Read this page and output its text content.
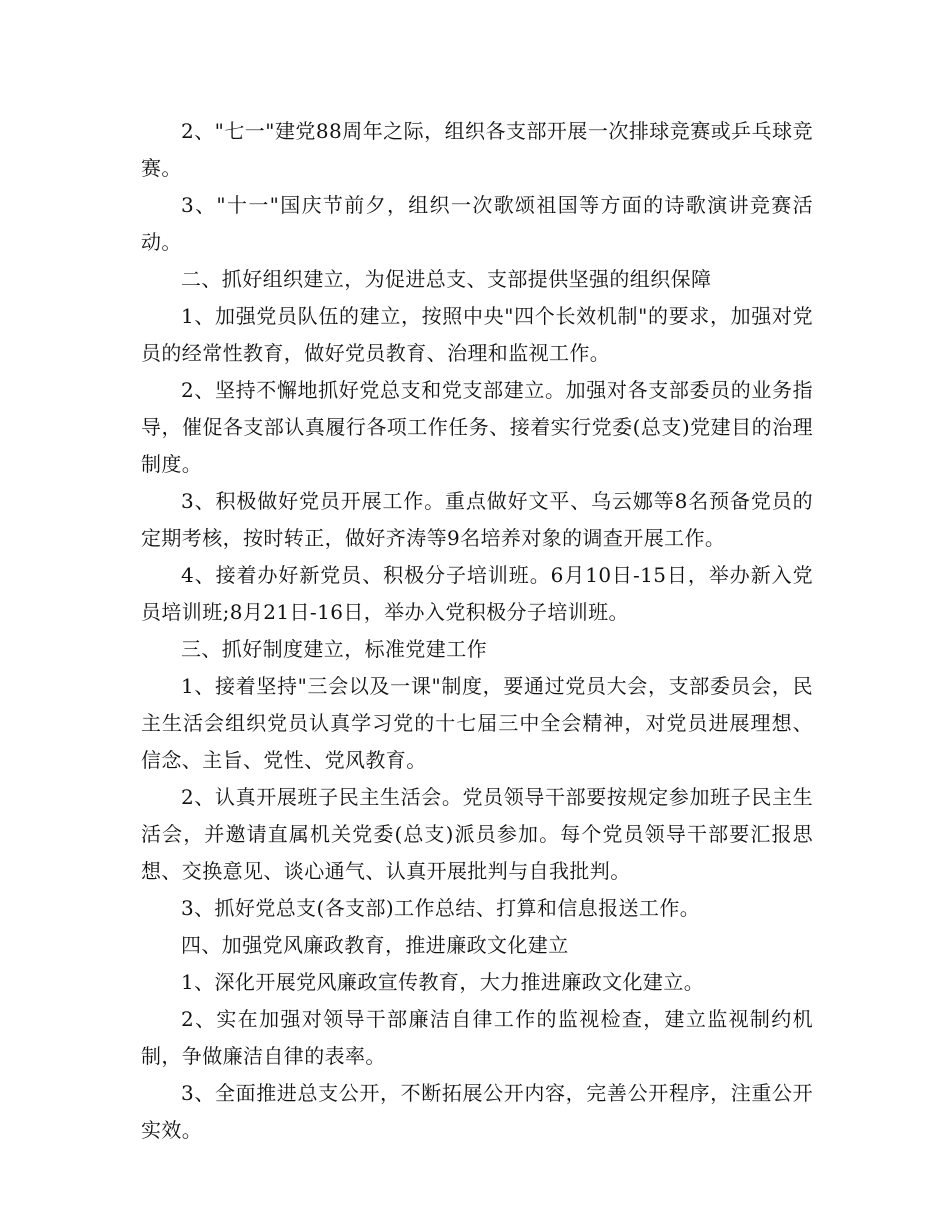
2、"七一"建党88周年之际，组织各支部开展一次排球竞赛或乒乓球竞赛。

3、"十一"国庆节前夕，组织一次歌颂祖国等方面的诗歌演讲竞赛活动。

二、抓好组织建立，为促进总支、支部提供坚强的组织保障

1、加强党员队伍的建立，按照中央"四个长效机制"的要求，加强对党员的经常性教育，做好党员教育、治理和监视工作。

2、坚持不懈地抓好党总支和党支部建立。加强对各支部委员的业务指导，催促各支部认真履行各项工作任务、接着实行党委(总支)党建目的治理制度。

3、积极做好党员开展工作。重点做好文平、乌云娜等8名预备党员的定期考核，按时转正，做好齐涛等9名培养对象的调查开展工作。

4、接着办好新党员、积极分子培训班。6月10日-15日，举办新入党员培训班;8月21日-16日，举办入党积极分子培训班。

三、抓好制度建立，标准党建工作

1、接着坚持"三会以及一课"制度，要通过党员大会，支部委员会，民主生活会组织党员认真学习党的十七届三中全会精神，对党员进展理想、信念、主旨、党性、党风教育。

2、认真开展班子民主生活会。党员领导干部要按规定参加班子民主生活会，并邀请直属机关党委(总支)派员参加。每个党员领导干部要汇报思想、交换意见、谈心通气、认真开展批判与自我批判。

3、抓好党总支(各支部)工作总结、打算和信息报送工作。

四、加强党风廉政教育，推进廉政文化建立

1、深化开展党风廉政宣传教育，大力推进廉政文化建立。

2、实在加强对领导干部廉洁自律工作的监视检查，建立监视制约机制，争做廉洁自律的表率。

3、全面推进总支公开，不断拓展公开内容，完善公开程序，注重公开实效。
